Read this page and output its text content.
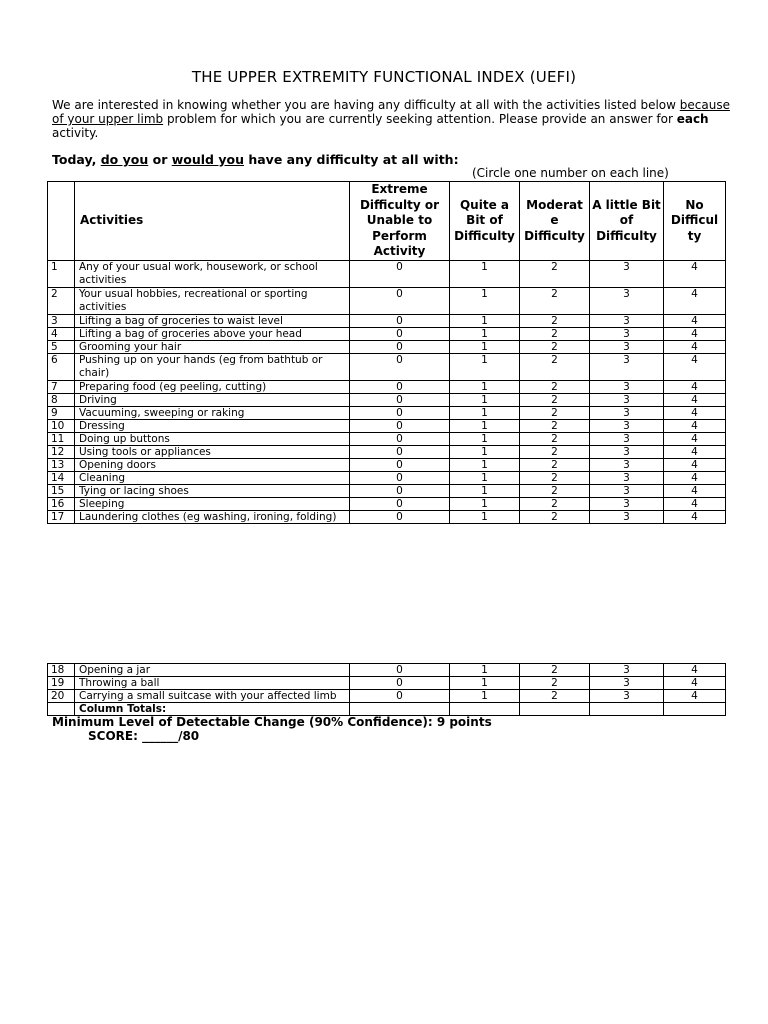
THE UPPER EXTREMITY FUNCTIONAL INDEX (UEFI)
We are interested in knowing whether you are having any difficulty at all with the activities listed below because of your upper limb problem for which you are currently seeking attention. Please provide an answer for each activity.
Today, do you or would you have any difficulty at all with:
(Circle one number on each line)
	Activities	Extreme Difficulty or Unable to Perform Activity	Quite a Bit of Difficulty	Moderat e Difficulty	A little Bit of Difficulty	No Difficul ty
1	Any of your usual work, housework, or school activities	0	1	2	3	4
2	Your usual hobbies, recreational or sporting activities	0	1	2	3	4
3	Lifting a bag of groceries to waist level	0	1	2	3	4
4	Lifting a bag of groceries above your head	0	1	2	3	4
5	Grooming your hair	0	1	2	3	4
6	Pushing up on your hands (eg from bathtub or chair)	0	1	2	3	4
7	Preparing food (eg peeling, cutting)	0	1	2	3	4
8	Driving	0	1	2	3	4
9	Vacuuming, sweeping or raking	0	1	2	3	4
10	Dressing	0	1	2	3	4
11	Doing up buttons	0	1	2	3	4
12	Using tools or appliances	0	1	2	3	4
13	Opening doors	0	1	2	3	4
14	Cleaning	0	1	2	3	4
15	Tying or lacing shoes	0	1	2	3	4
16	Sleeping	0	1	2	3	4
17	Laundering clothes (eg washing, ironing, folding)	0	1	2	3	4
18	Opening a jar	0	1	2	3	4
19	Throwing a ball	0	1	2	3	4
20	Carrying a small suitcase with your affected limb	0	1	2	3	4
	Column Totals:					
Minimum Level of Detectable Change (90% Confidence): 9 points
SCORE: ______/80
